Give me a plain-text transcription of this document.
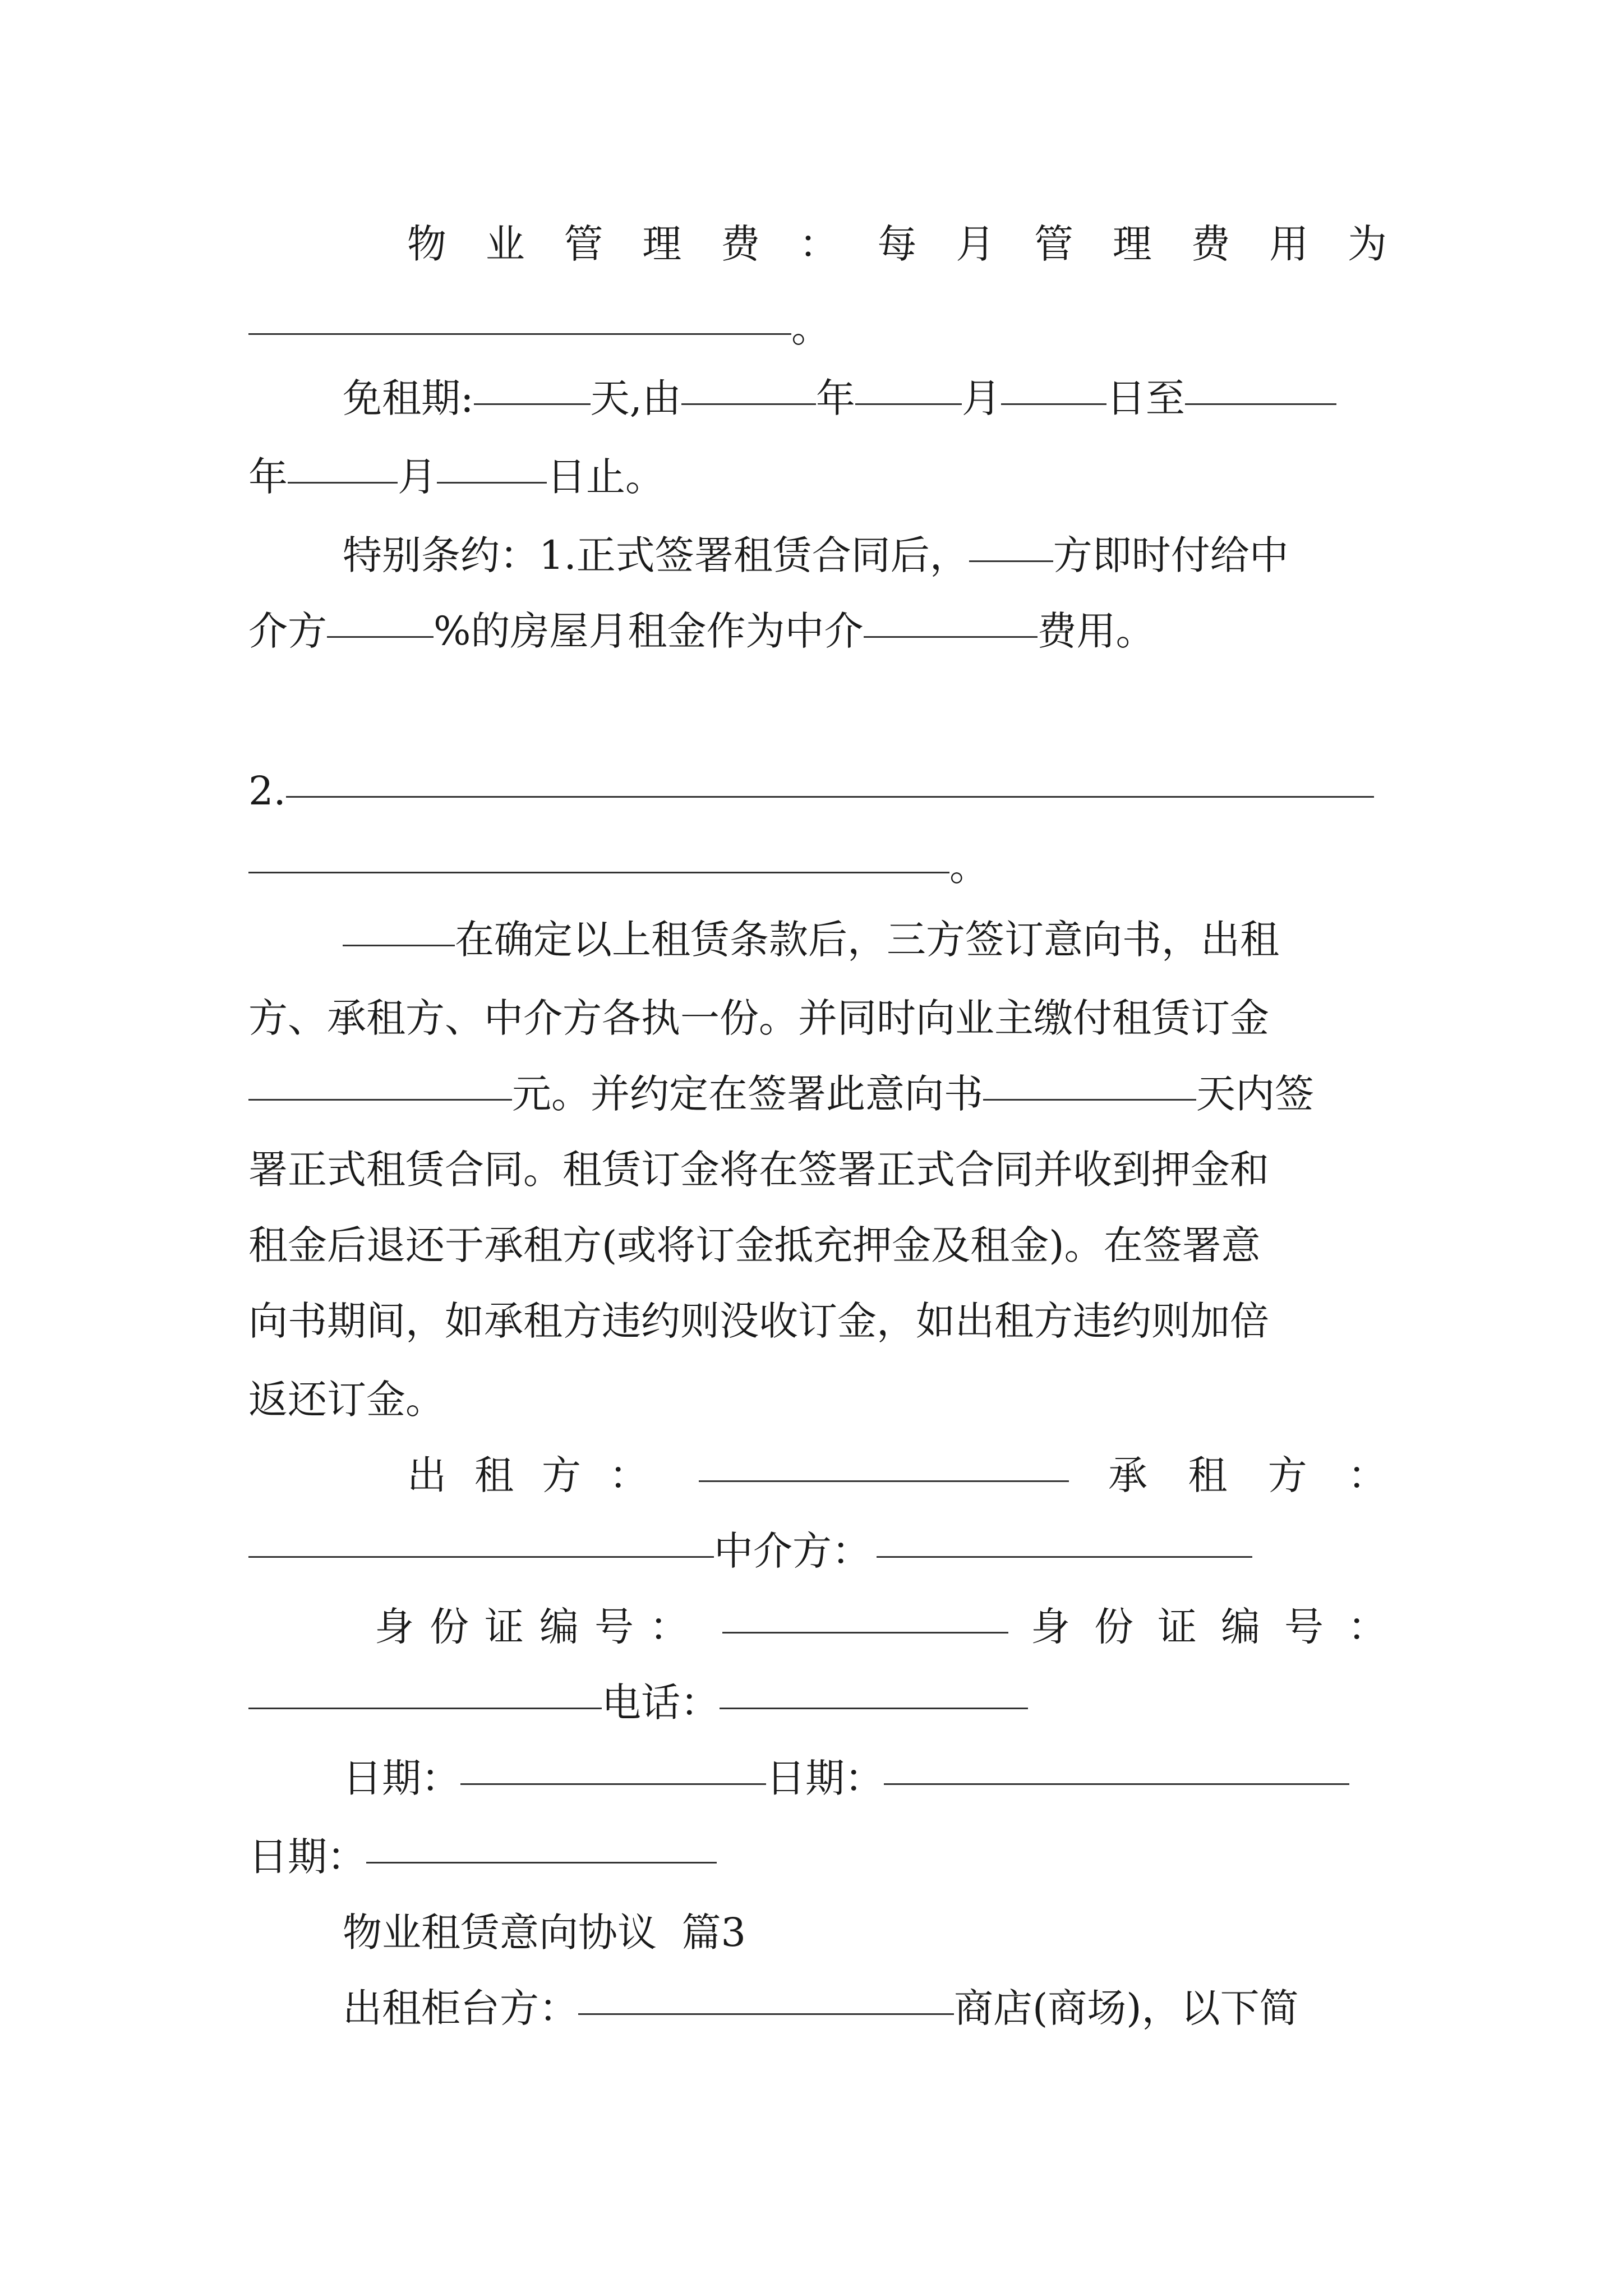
物 业 管 理 费 ： 每 月 管 理 费 用 为
。
免租期:	天,由	年	月	日至
年	月	日止。
特别条约：1.正式签署租赁合同后， 方即时付给中
介方	%的房屋月租金作为中介	费用。
2.
。
在确定以上租赁条款后，三方签订意向书，出租
方、承租方、中介方各执一份。并同时向业主缴付租赁订金
元。并约定在签署此意向书	天内签
署正式租赁合同。租赁订金将在签署正式合同并收到押金和
租金后退还于承租方(或将订金抵充押金及租金)。在签署意
向书期间，如承租方违约则没收订金，如出租方违约则加倍
返还订金。
出 租 方 ：	承 租 方 ：
中介方：
身 份 证 编 号 ：	身 份 证 编 号 ：
电话：
日期：	日期：
日期：
物业租赁意向协议  篇3
出租柜台方：	商店(商场)，以下简
